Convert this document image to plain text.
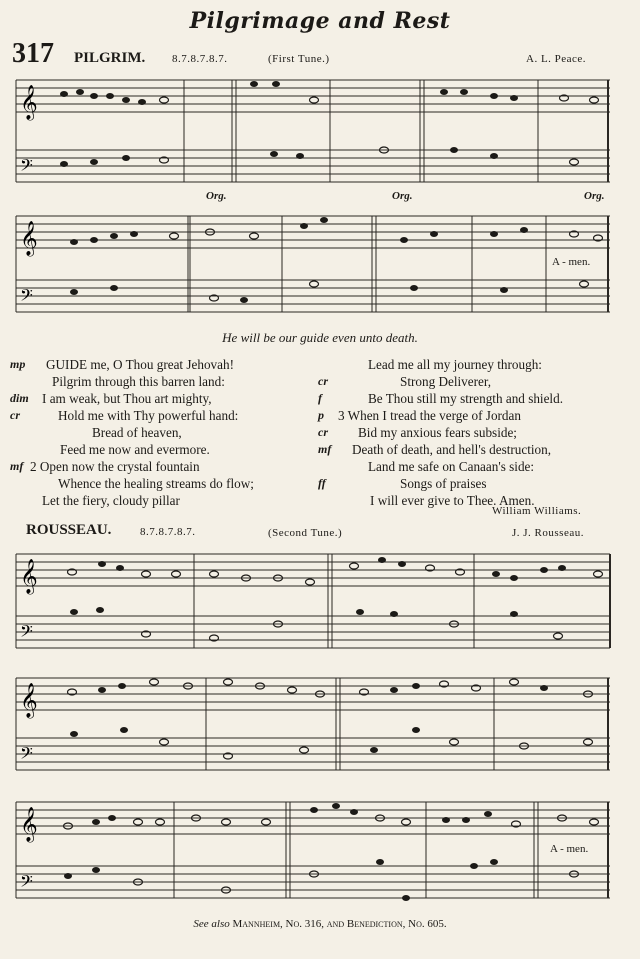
Pilgrimage and Rest
317 PILGRIM. 8.7.8.7.8.7.	(First Tune.)	A. L. Peace.
𝄞
𝄢
Org.	Org.	Org.
𝄞
𝄢
A - men.
He will be our guide even unto death.
mp GUIDE me, O Thou great Jehovah!
Pilgrim through this barren land:
dim I am weak, but Thou art mighty,
cr	Hold me with Thy powerful hand:
Bread of heaven,
Feed me now and evermore.
mf 2 Open now the crystal fountain
Whence the healing streams do flow;
Let the fiery, cloudy pillar
Lead me all my journey through:
cr	Strong Deliverer,
f	Be Thou still my strength and shield.
p 3 When I tread the verge of Jordan
cr Bid my anxious fears subside;
mf Death of death, and hell's destruction,
Land me safe on Canaan's side:
ff	Songs of praises
I will ever give to Thee. Amen.
William Williams.
ROUSSEAU.	8.7.8.7.8.7.	(Second Tune.)	J. J. Rousseau.
𝄞
𝄢
𝄞
𝄢
𝄞
𝄢
A - men.
See also Mannheim, No. 316, and Benediction, No. 605.
